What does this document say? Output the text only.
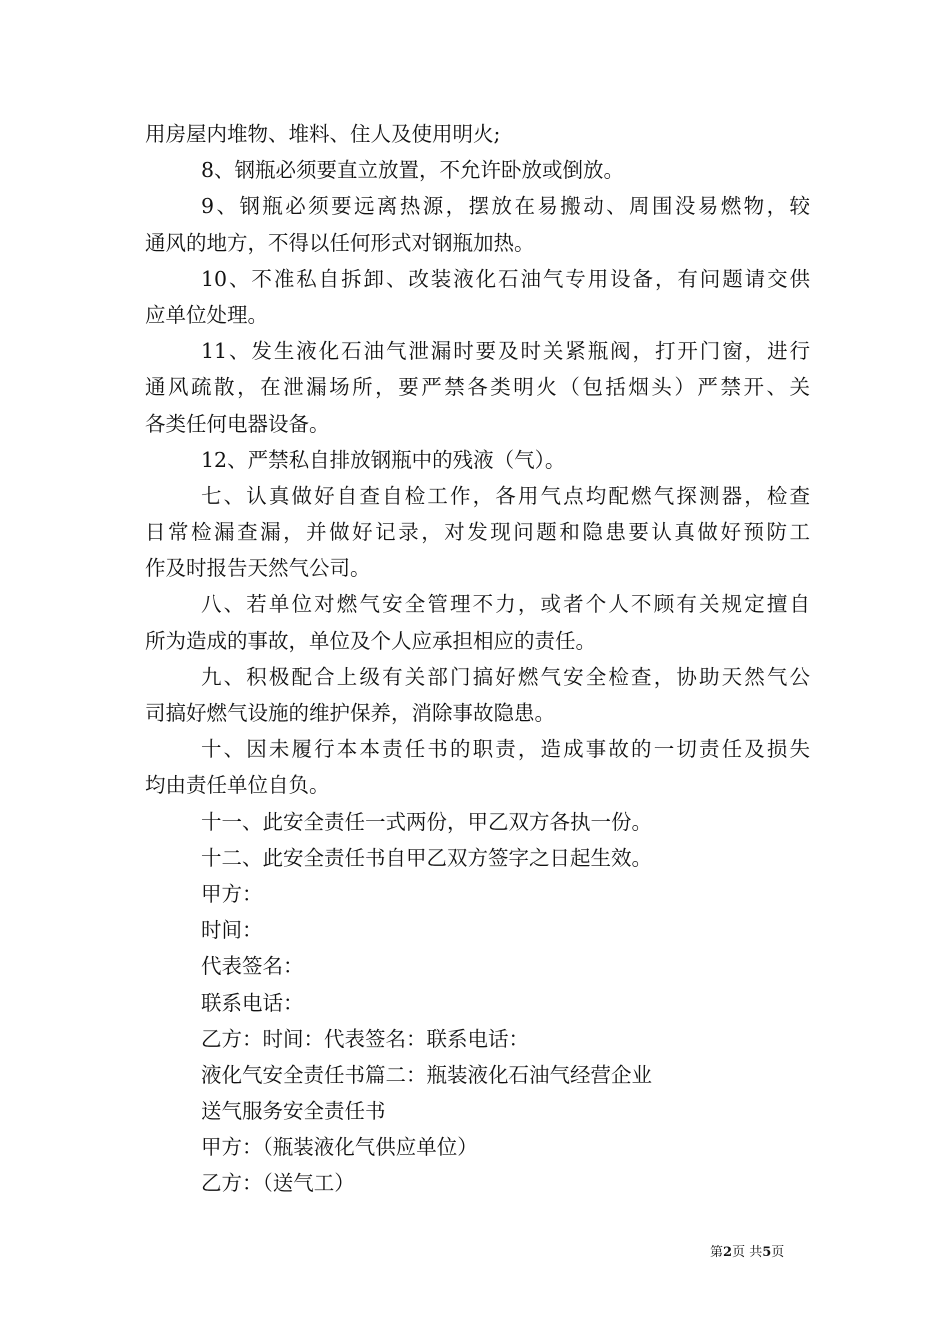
用房屋内堆物、堆料、住人及使用明火;
8、钢瓶必须要直立放置，不允许卧放或倒放。
9、钢瓶必须要远离热源，摆放在易搬动、周围没易燃物，较
通风的地方，不得以任何形式对钢瓶加热。
10、不准私自拆卸、改装液化石油气专用设备，有问题请交供
应单位处理。
11、发生液化石油气泄漏时要及时关紧瓶阀，打开门窗，进行
通风疏散，在泄漏场所，要严禁各类明火（包括烟头）严禁开、关
各类任何电器设备。
12、严禁私自排放钢瓶中的残液（气）。
七、认真做好自查自检工作，各用气点均配燃气探测器，检查
日常检漏查漏，并做好记录，对发现问题和隐患要认真做好预防工
作及时报告天然气公司。
八、若单位对燃气安全管理不力，或者个人不顾有关规定擅自
所为造成的事故，单位及个人应承担相应的责任。
九、积极配合上级有关部门搞好燃气安全检查，协助天然气公
司搞好燃气设施的维护保养，消除事故隐患。
十、因未履行本本责任书的职责，造成事故的一切责任及损失
均由责任单位自负。
十一、此安全责任一式两份，甲乙双方各执一份。
十二、此安全责任书自甲乙双方签字之日起生效。
甲方：
时间：
代表签名：
联系电话：
乙方：时间：代表签名：联系电话：
液化气安全责任书篇二：瓶装液化石油气经营企业
送气服务安全责任书
甲方：（瓶装液化气供应单位）
乙方：（送气工）
第2页 共5页
